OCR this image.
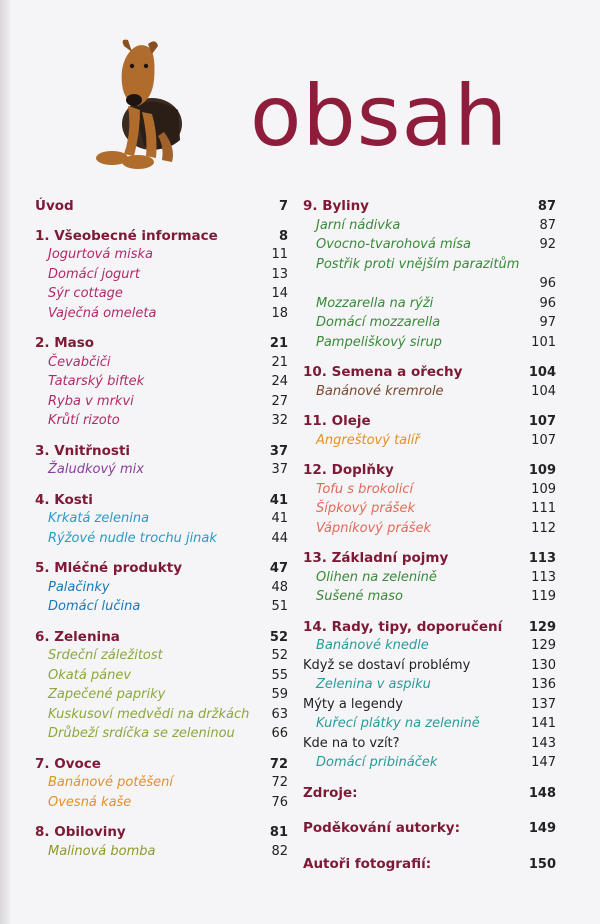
obsah
Úvod	7
1. Všeobecné informace	8
Jogurtová miska	11
Domácí jogurt	13
Sýr cottage	14
Vaječná omeleta	18
2. Maso	21
Čevabčiči	21
Tatarský biftek	24
Ryba v mrkvi	27
Krůtí rizoto	32
3. Vnitřnosti	37
Žaludkový mix	37
4. Kosti	41
Krkatá zelenina	41
Rýžové nudle trochu jinak	44
5. Mléčné produkty	47
Palačinky	48
Domácí lučina	51
6. Zelenina	52
Srdeční záležitost	52
Okatá pánev	55
Zapečené papriky	59
Kuskusoví medvědi na držkách 63
Drůbeží srdíčka se zeleninou	66
7. Ovoce	72
Banánové potěšení	72
Ovesná kaše	76
8. Obiloviny	81
Malinová bomba	82
9. Byliny	87
Jarní nádivka	87
Ovocno-tvarohová mísa	92
Postřik proti vnějším parazitům
96
Mozzarella na rýži	96
Domácí mozzarella	97
Pampeliškový sirup	101
10. Semena a ořechy	104
Banánové kremrole	104
11. Oleje	107
Angreštový talíř	107
12. Doplňky	109
Tofu s brokolicí	109
Šípkový prášek	111
Vápníkový prášek	112
13. Základní pojmy	113
Olihen na zelenině	113
Sušené maso	119
14. Rady, tipy, doporučení 129
Banánové knedle	129
Když se dostaví problémy	130
Zelenina v aspiku	136
Mýty a legendy	137
Kuřecí plátky na zelenině	141
Kde na to vzít?	143
Domácí pribináček	147
Zdroje:	148
Poděkování autorky:	149
Autoři fotografií:	150
